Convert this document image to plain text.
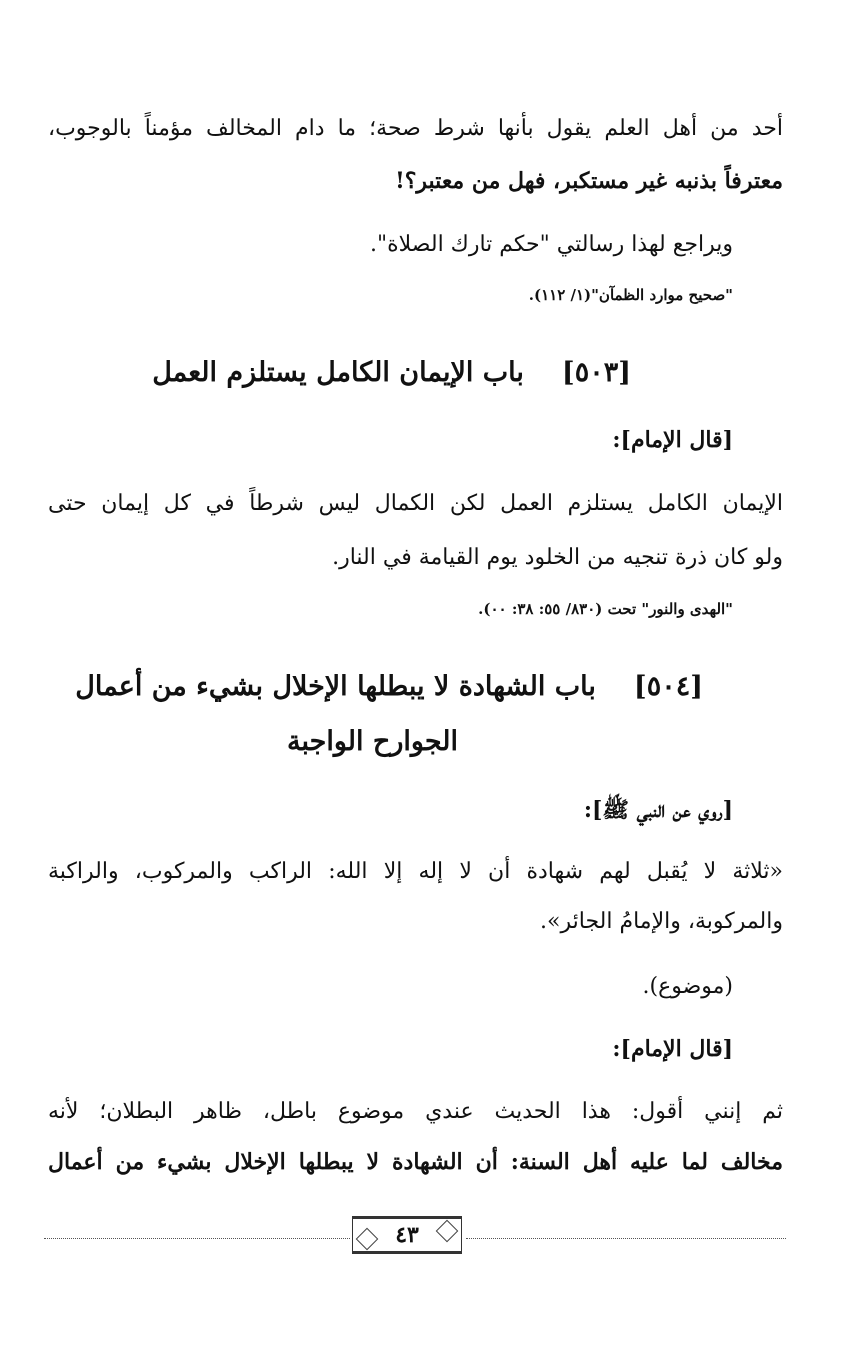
أحد من أهل العلم يقول بأنها شرط صحة؛ ما دام المخالف مؤمناً بالوجوب،
معترفاً بذنبه غير مستكبر، فهل من معتبر؟!
ويراجع لهذا رسالتي "حكم تارك الصلاة".
"صحيح موارد الظمآن"(١/ ١١٢).
[٥٠٣]باب الإيمان الكامل يستلزم العمل
[قال الإمام]:
الإيمان الكامل يستلزم العمل لكن الكمال ليس شرطاً في كل إيمان حتى
ولو كان ذرة تنجيه من الخلود يوم القيامة في النار.
"الهدى والنور" تحت (٨٣٠/ ٥٥: ٣٨: ٠٠).
[٥٠٤]باب الشهادة لا يبطلها الإخلال بشيء من أعمال
الجوارح الواجبة
[روي عن النبي ﷺ]:
«ثلاثة لا يُقبل لهم شهادة أن لا إله إلا الله: الراكب والمركوب، والراكبة
والمركوبة، والإمامُ الجائر».
(موضوع).
[قال الإمام]:
ثم إنني أقول: هذا الحديث عندي موضوع باطل، ظاهر البطلان؛ لأنه
مخالف لما عليه أهل السنة: أن الشهادة لا يبطلها الإخلال بشيء من أعمال
٤٣
